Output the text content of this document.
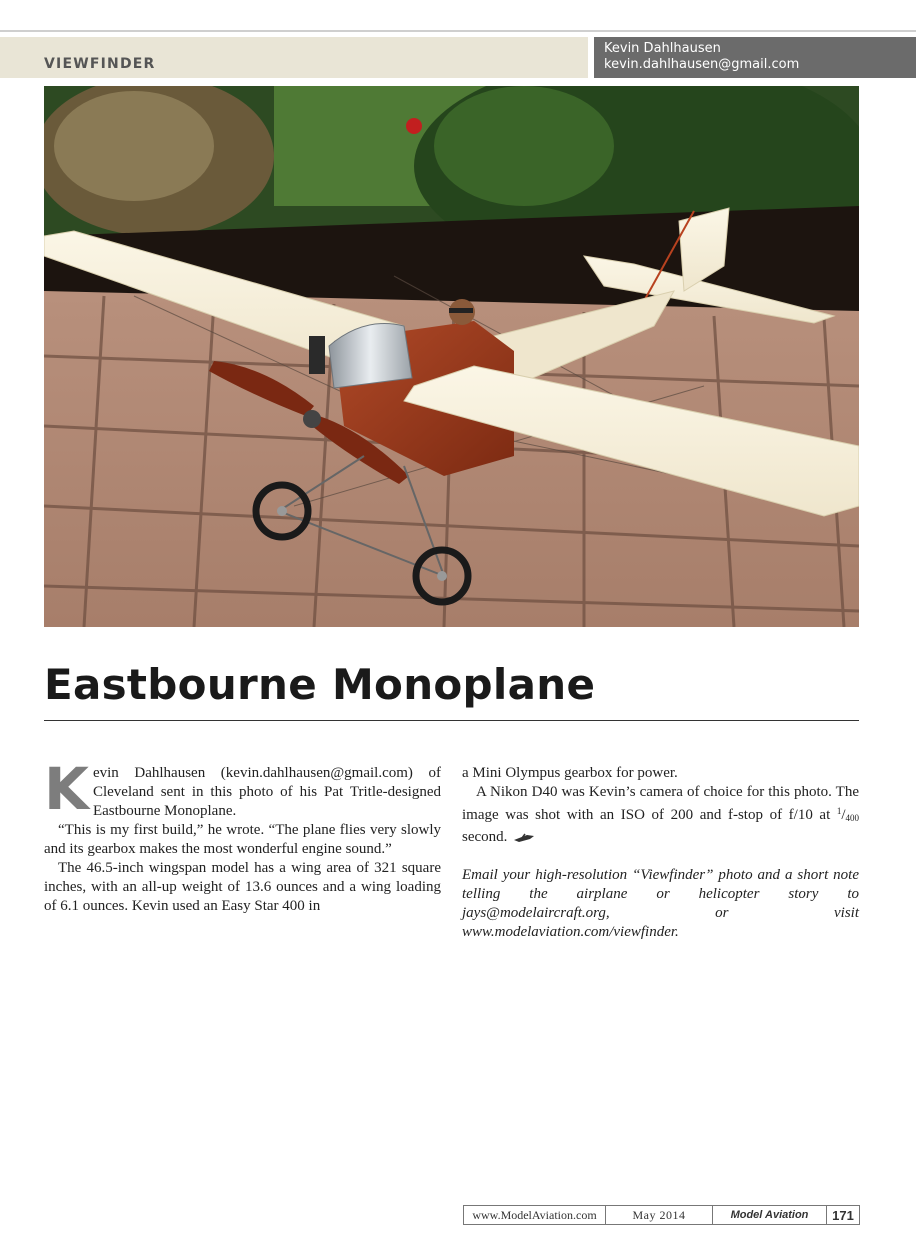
VIEWFINDER
Kevin Dahlhausen
kevin.dahlhausen@gmail.com
Eastbourne Monoplane

Kevin Dahlhausen (kevin.dahlhausen@gmail.com) of Cleveland sent in this photo of his Pat Tritle-designed Eastbourne Monoplane.

“This is my first build,” he wrote. “The plane flies very slowly and its gearbox makes the most wonderful engine sound.”

The 46.5-inch wingspan model has a wing area of 321 square inches, with an all-up weight of 13.6 ounces and a wing loading of 6.1 ounces. Kevin used an Easy Star 400 in

a Mini Olympus gearbox for power.

A Nikon D40 was Kevin’s camera of choice for this photo. The image was shot with an ISO of 200 and f-stop of f/10 at $^1/_{400}$ second.

Email your high-resolution “Viewfinder” photo and a short note telling the airplane or helicopter story to jays@modelaircraft.org, or visit www.modelaviation.com/viewfinder.

www.ModelAviation.com	May 2014	Model Aviation	171
